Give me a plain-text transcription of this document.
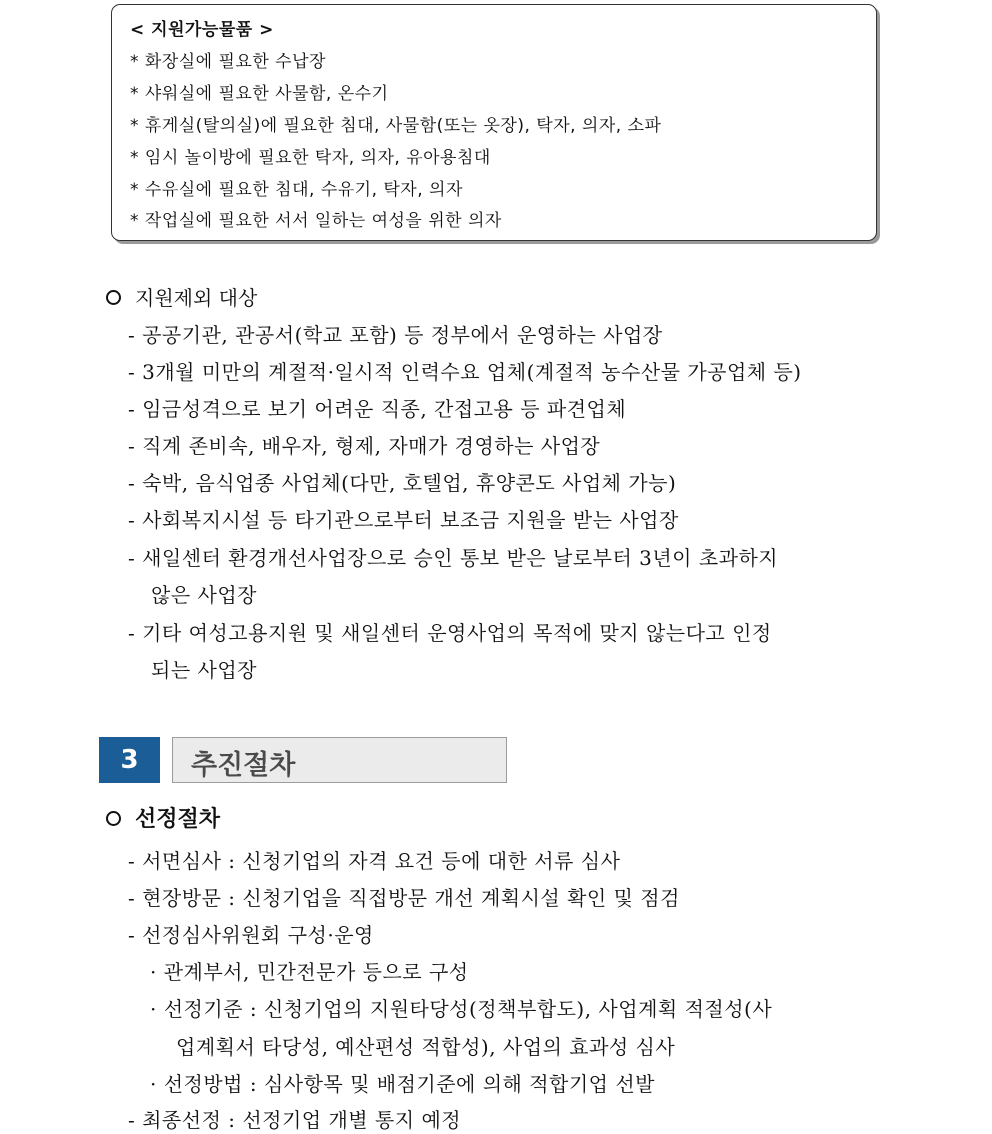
< 지원가능물품 >
* 화장실에 필요한 수납장
* 샤워실에 필요한 사물함, 온수기
* 휴게실(탈의실)에 필요한 침대, 사물함(또는 옷장), 탁자, 의자, 소파
* 임시 놀이방에 필요한 탁자, 의자, 유아용침대
* 수유실에 필요한 침대, 수유기, 탁자, 의자
* 작업실에 필요한 서서 일하는 여성을 위한 의자
지원제외 대상
- 공공기관, 관공서(학교 포함) 등 정부에서 운영하는 사업장
- 3개월 미만의 계절적·일시적 인력수요 업체(계절적 농수산물 가공업체 등)
- 임금성격으로 보기 어려운 직종, 간접고용 등 파견업체
- 직계 존비속, 배우자, 형제, 자매가 경영하는 사업장
- 숙박, 음식업종 사업체(다만, 호텔업, 휴양콘도 사업체 가능)
- 사회복지시설 등 타기관으로부터 보조금 지원을 받는 사업장
- 새일센터 환경개선사업장으로 승인 통보 받은 날로부터 3년이 초과하지
않은 사업장
- 기타 여성고용지원 및 새일센터 운영사업의 목적에 맞지 않는다고 인정
되는 사업장
3	추진절차
선정절차
- 서면심사 : 신청기업의 자격 요건 등에 대한 서류 심사
- 현장방문 : 신청기업을 직접방문 개선 계획시설 확인 및 점검
- 선정심사위원회 구성·운영
· 관계부서, 민간전문가 등으로 구성
· 선정기준 : 신청기업의 지원타당성(정책부합도), 사업계획 적절성(사
업계획서 타당성, 예산편성 적합성), 사업의 효과성 심사
· 선정방법 : 심사항목 및 배점기준에 의해 적합기업 선발
- 최종선정 : 선정기업 개별 통지 예정
